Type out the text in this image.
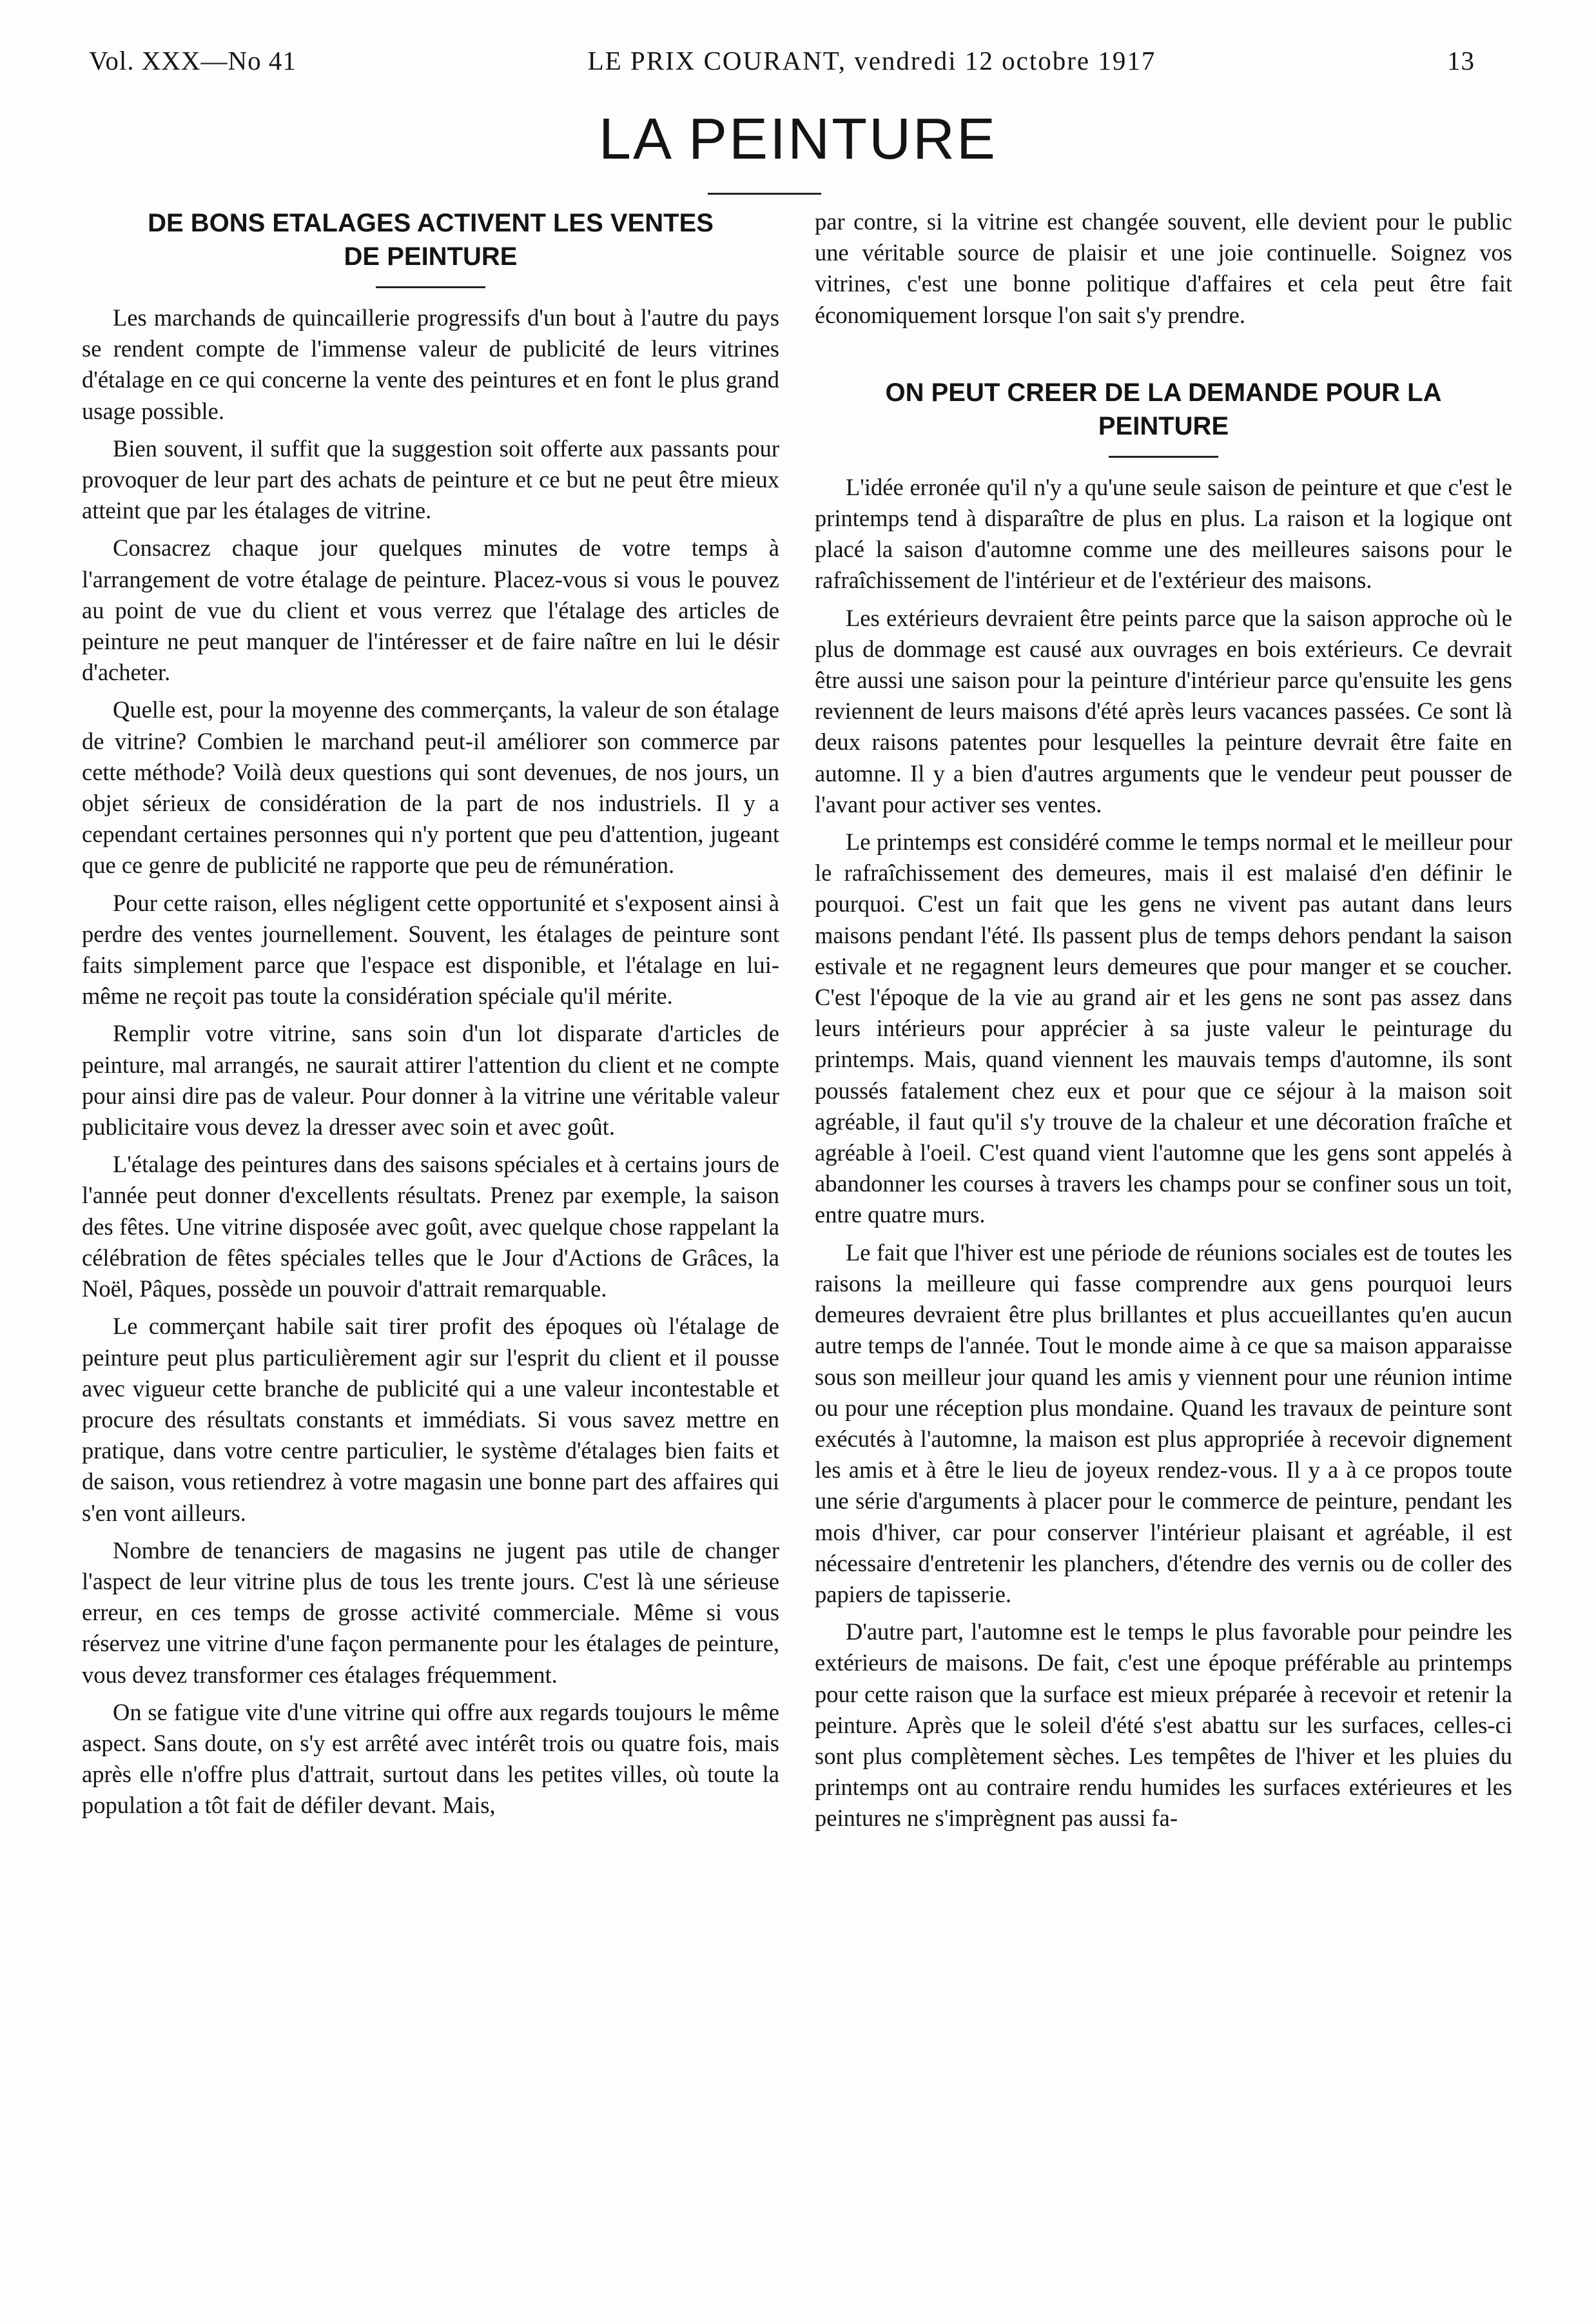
Vol. XXX—No 41	LE PRIX COURANT, vendredi 12 octobre 1917	13
LA PEINTURE
DE BONS ETALAGES ACTIVENT LES VENTES
DE PEINTURE

Les marchands de quincaillerie progressifs d'un bout à l'autre du pays se rendent compte de l'immense valeur de publicité de leurs vitrines d'étalage en ce qui concerne la vente des peintures et en font le plus grand usage possible.

Bien souvent, il suffit que la suggestion soit offerte aux passants pour provoquer de leur part des achats de peinture et ce but ne peut être mieux atteint que par les étalages de vitrine.

Consacrez chaque jour quelques minutes de votre temps à l'arrangement de votre étalage de peinture. Placez-vous si vous le pouvez au point de vue du client et vous verrez que l'étalage des articles de peinture ne peut manquer de l'intéresser et de faire naître en lui le désir d'acheter.

Quelle est, pour la moyenne des commerçants, la valeur de son étalage de vitrine? Combien le marchand peut-il améliorer son commerce par cette méthode? Voilà deux questions qui sont devenues, de nos jours, un objet sérieux de considération de la part de nos industriels. Il y a cependant certaines personnes qui n'y portent que peu d'attention, jugeant que ce genre de publicité ne rapporte que peu de rémunération.

Pour cette raison, elles négligent cette opportunité et s'exposent ainsi à perdre des ventes journellement. Souvent, les étalages de peinture sont faits simplement parce que l'espace est disponible, et l'étalage en lui-même ne reçoit pas toute la considération spéciale qu'il mérite.

Remplir votre vitrine, sans soin d'un lot disparate d'articles de peinture, mal arrangés, ne saurait attirer l'attention du client et ne compte pour ainsi dire pas de valeur. Pour donner à la vitrine une véritable valeur publicitaire vous devez la dresser avec soin et avec goût.

L'étalage des peintures dans des saisons spéciales et à certains jours de l'année peut donner d'excellents résultats. Prenez par exemple, la saison des fêtes. Une vitrine disposée avec goût, avec quelque chose rappelant la célébration de fêtes spéciales telles que le Jour d'Actions de Grâces, la Noël, Pâques, possède un pouvoir d'attrait remarquable.

Le commerçant habile sait tirer profit des époques où l'étalage de peinture peut plus particulièrement agir sur l'esprit du client et il pousse avec vigueur cette branche de publicité qui a une valeur incontestable et procure des résultats constants et immédiats. Si vous savez mettre en pratique, dans votre centre particulier, le système d'étalages bien faits et de saison, vous retiendrez à votre magasin une bonne part des affaires qui s'en vont ailleurs.

Nombre de tenanciers de magasins ne jugent pas utile de changer l'aspect de leur vitrine plus de tous les trente jours. C'est là une sérieuse erreur, en ces temps de grosse activité commerciale. Même si vous réservez une vitrine d'une façon permanente pour les étalages de peinture, vous devez transformer ces étalages fréquemment.

On se fatigue vite d'une vitrine qui offre aux regards toujours le même aspect. Sans doute, on s'y est arrêté avec intérêt trois ou quatre fois, mais après elle n'offre plus d'attrait, surtout dans les petites villes, où toute la population a tôt fait de défiler devant. Mais,

par contre, si la vitrine est changée souvent, elle devient pour le public une véritable source de plaisir et une joie continuelle. Soignez vos vitrines, c'est une bonne politique d'affaires et cela peut être fait économiquement lorsque l'on sait s'y prendre.

ON PEUT CREER DE LA DEMANDE POUR LA
PEINTURE

L'idée erronée qu'il n'y a qu'une seule saison de peinture et que c'est le printemps tend à disparaître de plus en plus. La raison et la logique ont placé la saison d'automne comme une des meilleures saisons pour le rafraîchissement de l'intérieur et de l'extérieur des maisons.

Les extérieurs devraient être peints parce que la saison approche où le plus de dommage est causé aux ouvrages en bois extérieurs. Ce devrait être aussi une saison pour la peinture d'intérieur parce qu'ensuite les gens reviennent de leurs maisons d'été après leurs vacances passées. Ce sont là deux raisons patentes pour lesquelles la peinture devrait être faite en automne. Il y a bien d'autres arguments que le vendeur peut pousser de l'avant pour activer ses ventes.

Le printemps est considéré comme le temps normal et le meilleur pour le rafraîchissement des demeures, mais il est malaisé d'en définir le pourquoi. C'est un fait que les gens ne vivent pas autant dans leurs maisons pendant l'été. Ils passent plus de temps dehors pendant la saison estivale et ne regagnent leurs demeures que pour manger et se coucher. C'est l'époque de la vie au grand air et les gens ne sont pas assez dans leurs intérieurs pour apprécier à sa juste valeur le peinturage du printemps. Mais, quand viennent les mauvais temps d'automne, ils sont poussés fatalement chez eux et pour que ce séjour à la maison soit agréable, il faut qu'il s'y trouve de la chaleur et une décoration fraîche et agréable à l'oeil. C'est quand vient l'automne que les gens sont appelés à abandonner les courses à travers les champs pour se confiner sous un toit, entre quatre murs.

Le fait que l'hiver est une période de réunions sociales est de toutes les raisons la meilleure qui fasse comprendre aux gens pourquoi leurs demeures devraient être plus brillantes et plus accueillantes qu'en aucun autre temps de l'année. Tout le monde aime à ce que sa maison apparaisse sous son meilleur jour quand les amis y viennent pour une réunion intime ou pour une réception plus mondaine. Quand les travaux de peinture sont exécutés à l'automne, la maison est plus appropriée à recevoir dignement les amis et à être le lieu de joyeux rendez-vous. Il y a à ce propos toute une série d'arguments à placer pour le commerce de peinture, pendant les mois d'hiver, car pour conserver l'intérieur plaisant et agréable, il est nécessaire d'entretenir les planchers, d'étendre des vernis ou de coller des papiers de tapisserie.

D'autre part, l'automne est le temps le plus favorable pour peindre les extérieurs de maisons. De fait, c'est une époque préférable au printemps pour cette raison que la surface est mieux préparée à recevoir et retenir la peinture. Après que le soleil d'été s'est abattu sur les surfaces, celles-ci sont plus complètement sèches. Les tempêtes de l'hiver et les pluies du printemps ont au contraire rendu humides les surfaces extérieures et les peintures ne s'imprègnent pas aussi fa-
